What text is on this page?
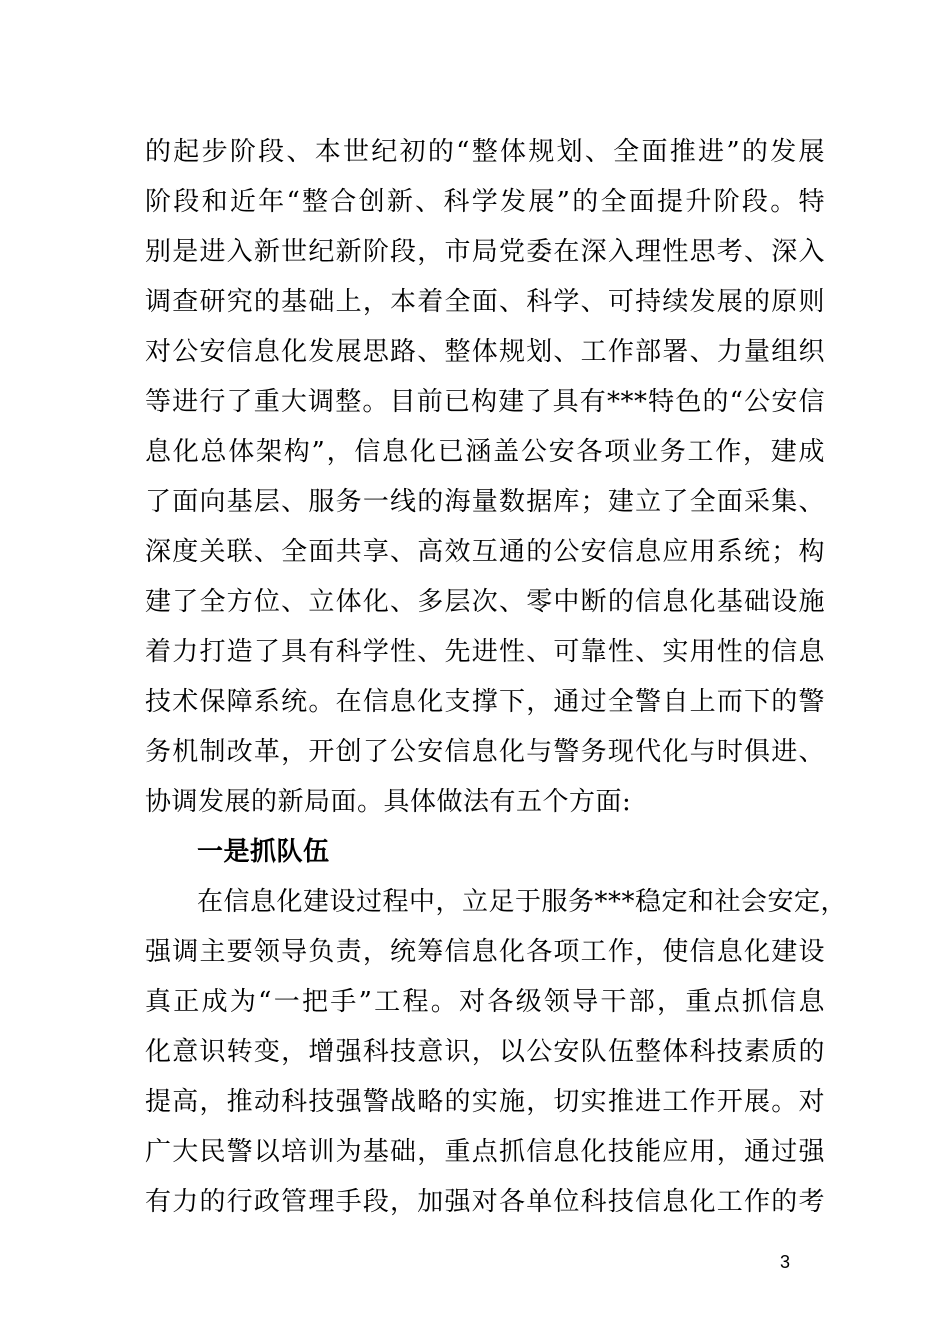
的起步阶段、本世纪初的“整体规划、全面推进”的发展
阶段和近年“整合创新、科学发展”的全面提升阶段。特
别是进入新世纪新阶段，市局党委在深入理性思考、深入
调查研究的基础上，本着全面、科学、可持续发展的原则
对公安信息化发展思路、整体规划、工作部署、力量组织
等进行了重大调整。目前已构建了具有***特色的“公安信
息化总体架构”，信息化已涵盖公安各项业务工作，建成
了面向基层、服务一线的海量数据库；建立了全面采集、
深度关联、全面共享、高效互通的公安信息应用系统；构
建了全方位、立体化、多层次、零中断的信息化基础设施
着力打造了具有科学性、先进性、可靠性、实用性的信息
技术保障系统。在信息化支撑下，通过全警自上而下的警
务机制改革，开创了公安信息化与警务现代化与时俱进、
协调发展的新局面。具体做法有五个方面:
一是抓队伍
在信息化建设过程中，立足于服务***稳定和社会安定，
强调主要领导负责，统筹信息化各项工作，使信息化建设
真正成为“一把手”工程。对各级领导干部，重点抓信息
化意识转变，增强科技意识，以公安队伍整体科技素质的
提高，推动科技强警战略的实施，切实推进工作开展。对
广大民警以培训为基础，重点抓信息化技能应用，通过强
有力的行政管理手段，加强对各单位科技信息化工作的考
3
